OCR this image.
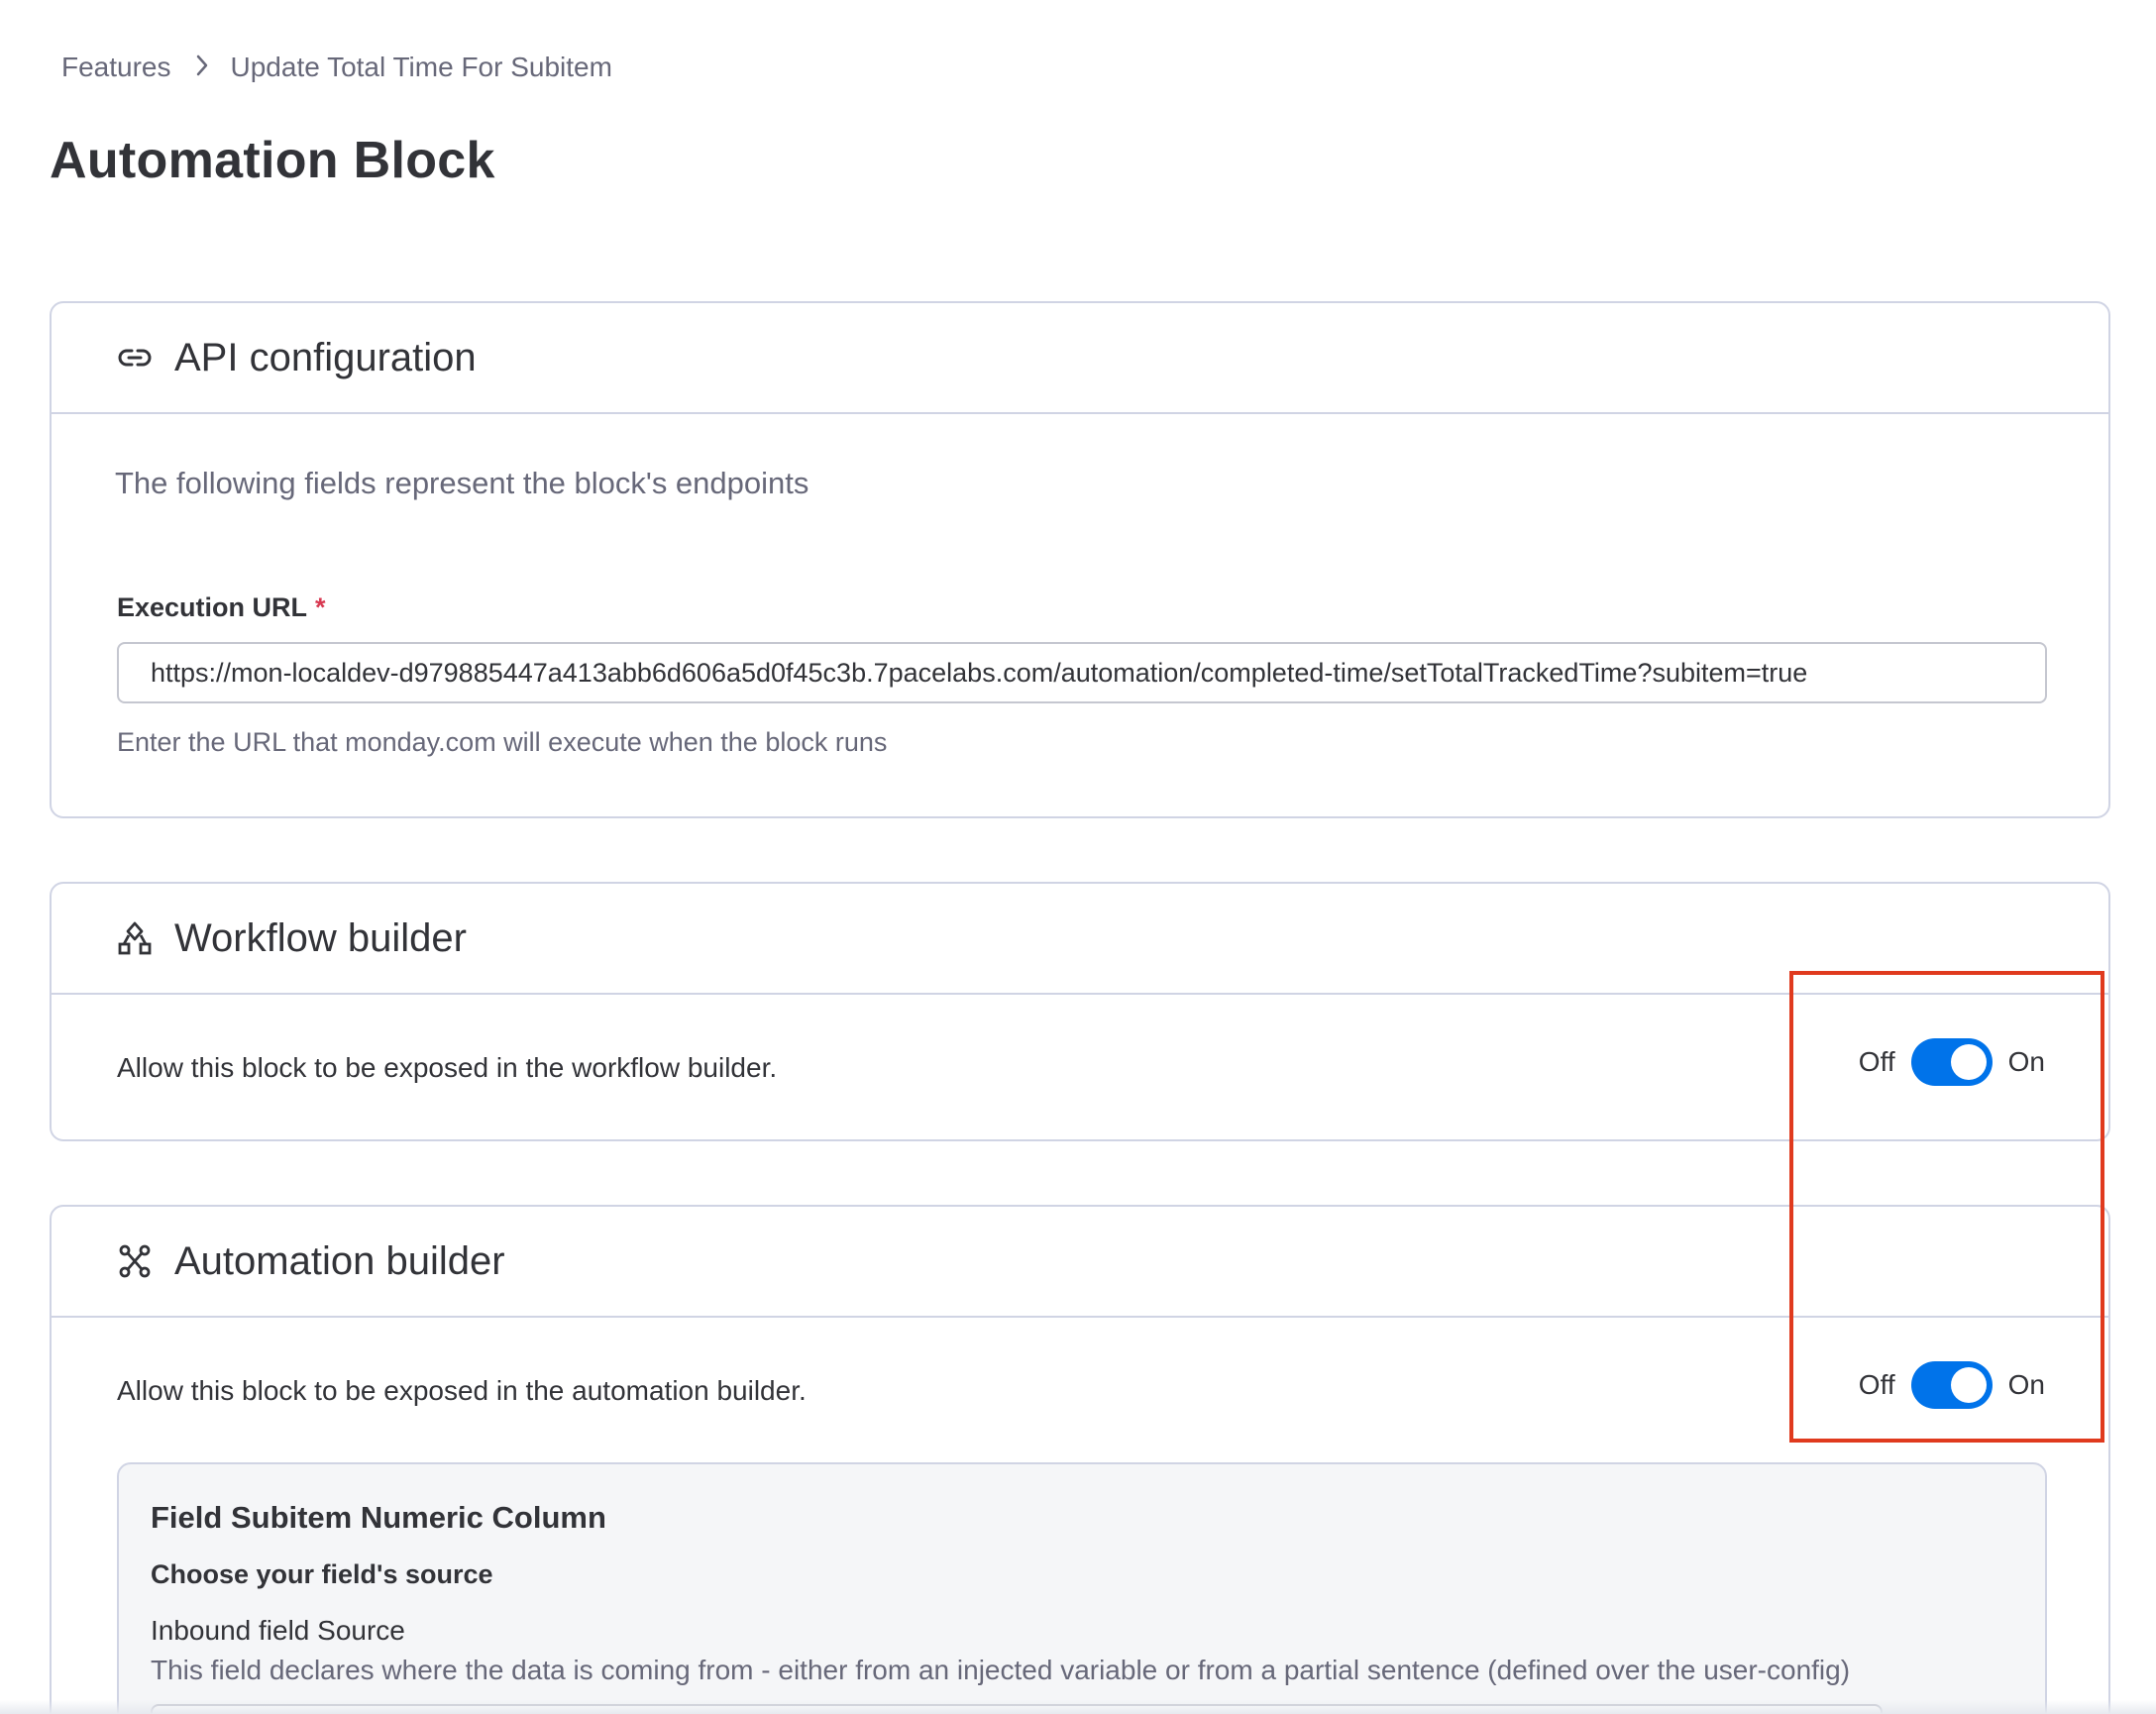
Features Update Total Time For Subitem
Automation Block
API configuration
The following fields represent the block's endpoints
Execution URL *
https://mon-localdev-d979885447a413abb6d606a5d0f45c3b.7pacelabs.com/automation/completed-time/setTotalTrackedTime?subitem=true
Enter the URL that monday.com will execute when the block runs
Workflow builder
Allow this block to be exposed in the workflow builder.	Off	On
Automation builder
Allow this block to be exposed in the automation builder.	Off	On
Field Subitem Numeric Column
Choose your field's source
Inbound field Source
This field declares where the data is coming from - either from an injected variable or from a partial sentence (defined over the user-config)
